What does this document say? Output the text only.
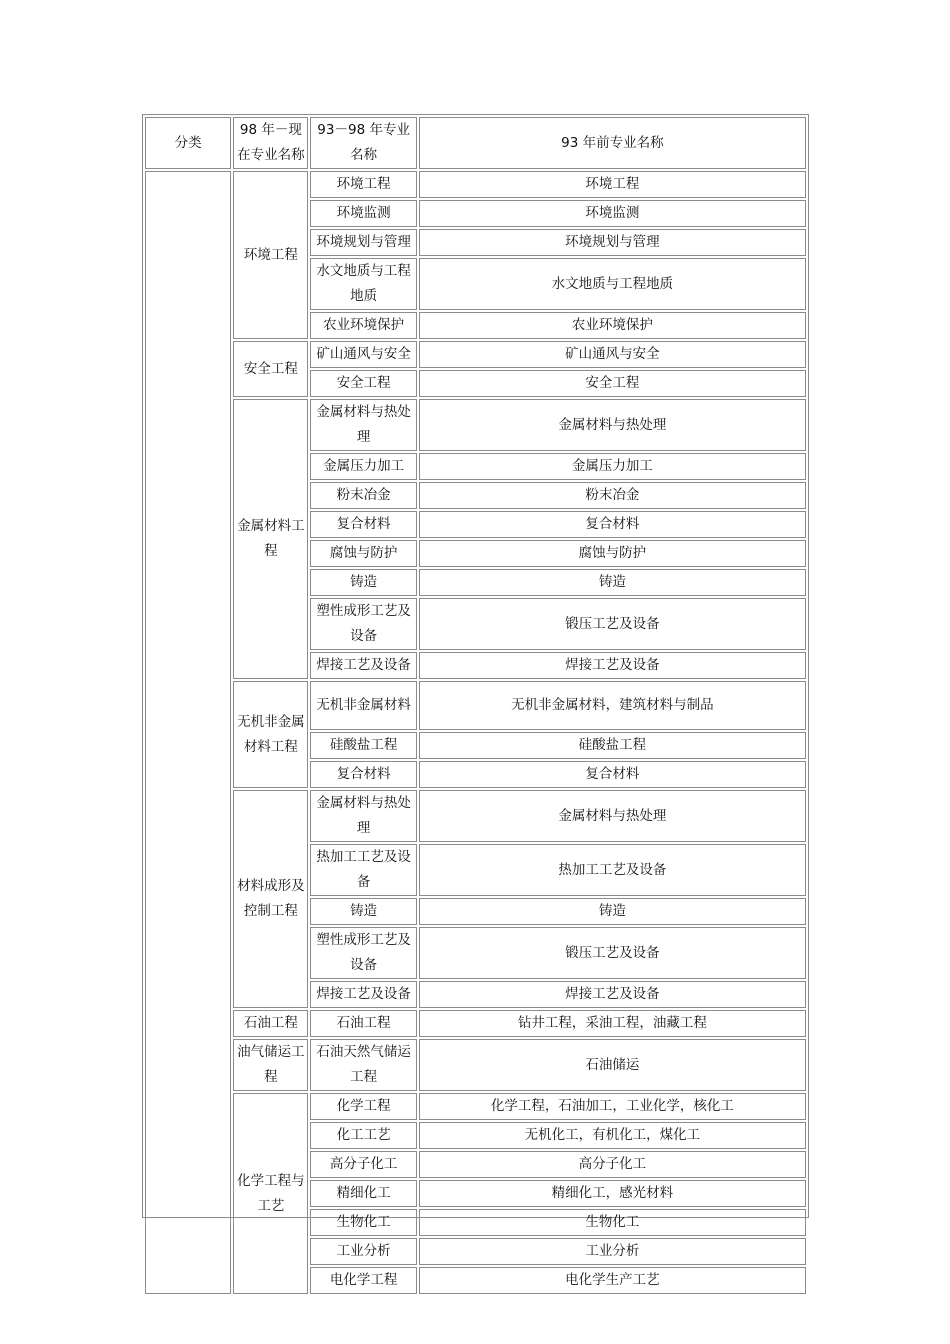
分类	98 年－现在专业名称	93－98 年专业名称	93 年前专业名称
	环境工程	环境工程	环境工程
		环境监测	环境监测
		环境规划与管理	环境规划与管理
		水文地质与工程地质	水文地质与工程地质
		农业环境保护	农业环境保护
	安全工程	矿山通风与安全	矿山通风与安全
		安全工程	安全工程
	金属材料工程	金属材料与热处理	金属材料与热处理
		金属压力加工	金属压力加工
		粉末冶金	粉末冶金
		复合材料	复合材料
		腐蚀与防护	腐蚀与防护
		铸造	铸造
		塑性成形工艺及设备	锻压工艺及设备
		焊接工艺及设备	焊接工艺及设备
	无机非金属材料工程	无机非金属材料	无机非金属材料，建筑材料与制品
		硅酸盐工程	硅酸盐工程
		复合材料	复合材料
	材料成形及控制工程	金属材料与热处理	金属材料与热处理
		热加工工艺及设备	热加工工艺及设备
		铸造	铸造
		塑性成形工艺及设备	锻压工艺及设备
		焊接工艺及设备	焊接工艺及设备
	石油工程	石油工程	钻井工程，采油工程，油藏工程
	油气储运工程	石油天然气储运工程	石油储运
	化学工程与工艺	化学工程	化学工程，石油加工，工业化学，核化工
		化工工艺	无机化工，有机化工，煤化工
		高分子化工	高分子化工
		精细化工	精细化工，感光材料
		生物化工	生物化工
		工业分析	工业分析
		电化学工程	电化学生产工艺
